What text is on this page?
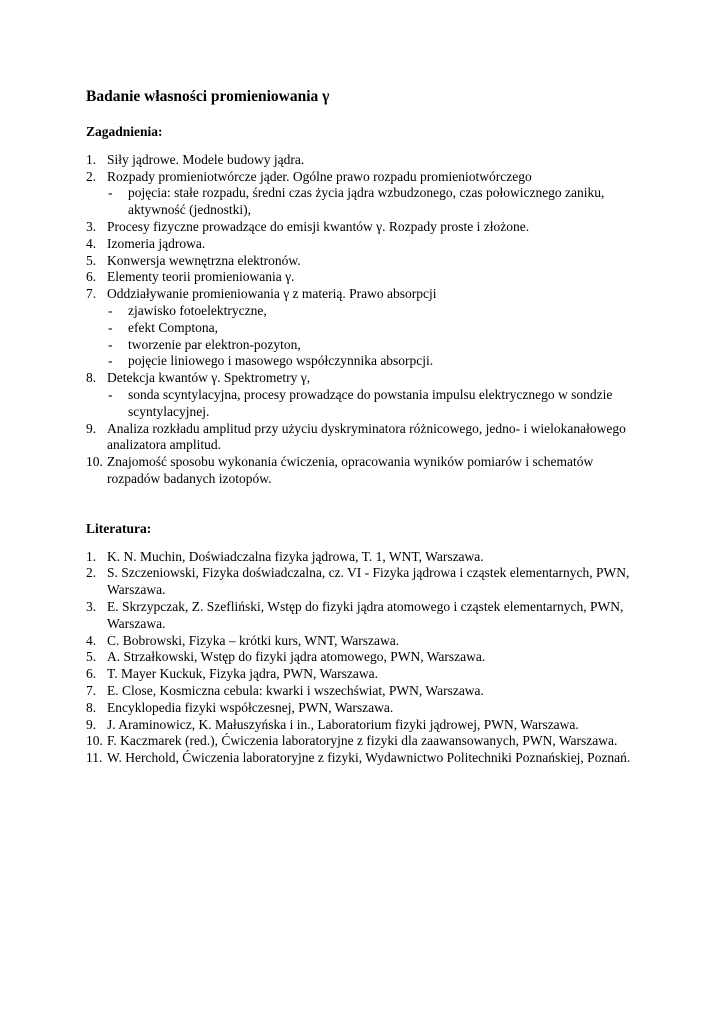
Badanie własności promieniowania γ
Zagadnienia:
1. Siły jądrowe. Modele budowy jądra.
2. Rozpady promieniotwórcze jąder. Ogólne prawo rozpadu promieniotwórczego
- pojęcia: stałe rozpadu, średni czas życia jądra wzbudzonego, czas połowicznego zaniku, aktywność (jednostki),
3. Procesy fizyczne prowadzące do emisji kwantów γ. Rozpady proste i złożone.
4. Izomeria jądrowa.
5. Konwersja wewnętrzna elektronów.
6. Elementy teorii promieniowania γ.
7. Oddziaływanie promieniowania γ z materią. Prawo absorpcji
- zjawisko fotoelektryczne,
- efekt Comptona,
- tworzenie par elektron-pozyton,
- pojęcie liniowego i masowego współczynnika absorpcji.
8. Detekcja kwantów γ. Spektrometry γ,
- sonda scyntylacyjna, procesy prowadzące do powstania impulsu elektrycznego w sondzie scyntylacyjnej.
9. Analiza rozkładu amplitud przy użyciu dyskryminatora różnicowego, jedno- i wielokanałowego analizatora amplitud.
10. Znajomość sposobu wykonania ćwiczenia, opracowania wyników pomiarów i schematów rozpadów badanych izotopów.
Literatura:
1. K. N. Muchin, Doświadczalna fizyka jądrowa, T. 1, WNT, Warszawa.
2. S. Szczeniowski, Fizyka doświadczalna, cz. VI - Fizyka jądrowa i cząstek elementarnych, PWN, Warszawa.
3. E. Skrzypczak, Z. Szefliński, Wstęp do fizyki jądra atomowego i cząstek elementarnych, PWN, Warszawa.
4. C. Bobrowski, Fizyka – krótki kurs, WNT, Warszawa.
5. A. Strzałkowski, Wstęp do fizyki jądra atomowego, PWN, Warszawa.
6. T. Mayer Kuckuk, Fizyka jądra, PWN, Warszawa.
7. E. Close, Kosmiczna cebula: kwarki i wszechświat, PWN, Warszawa.
8. Encyklopedia fizyki współczesnej, PWN, Warszawa.
9. J. Araminowicz, K. Małuszyńska i in., Laboratorium fizyki jądrowej, PWN, Warszawa.
10. F. Kaczmarek (red.), Ćwiczenia laboratoryjne z fizyki dla zaawansowanych, PWN, Warszawa.
11. W. Herchold, Ćwiczenia laboratoryjne z fizyki, Wydawnictwo Politechniki Poznańskiej, Poznań.
